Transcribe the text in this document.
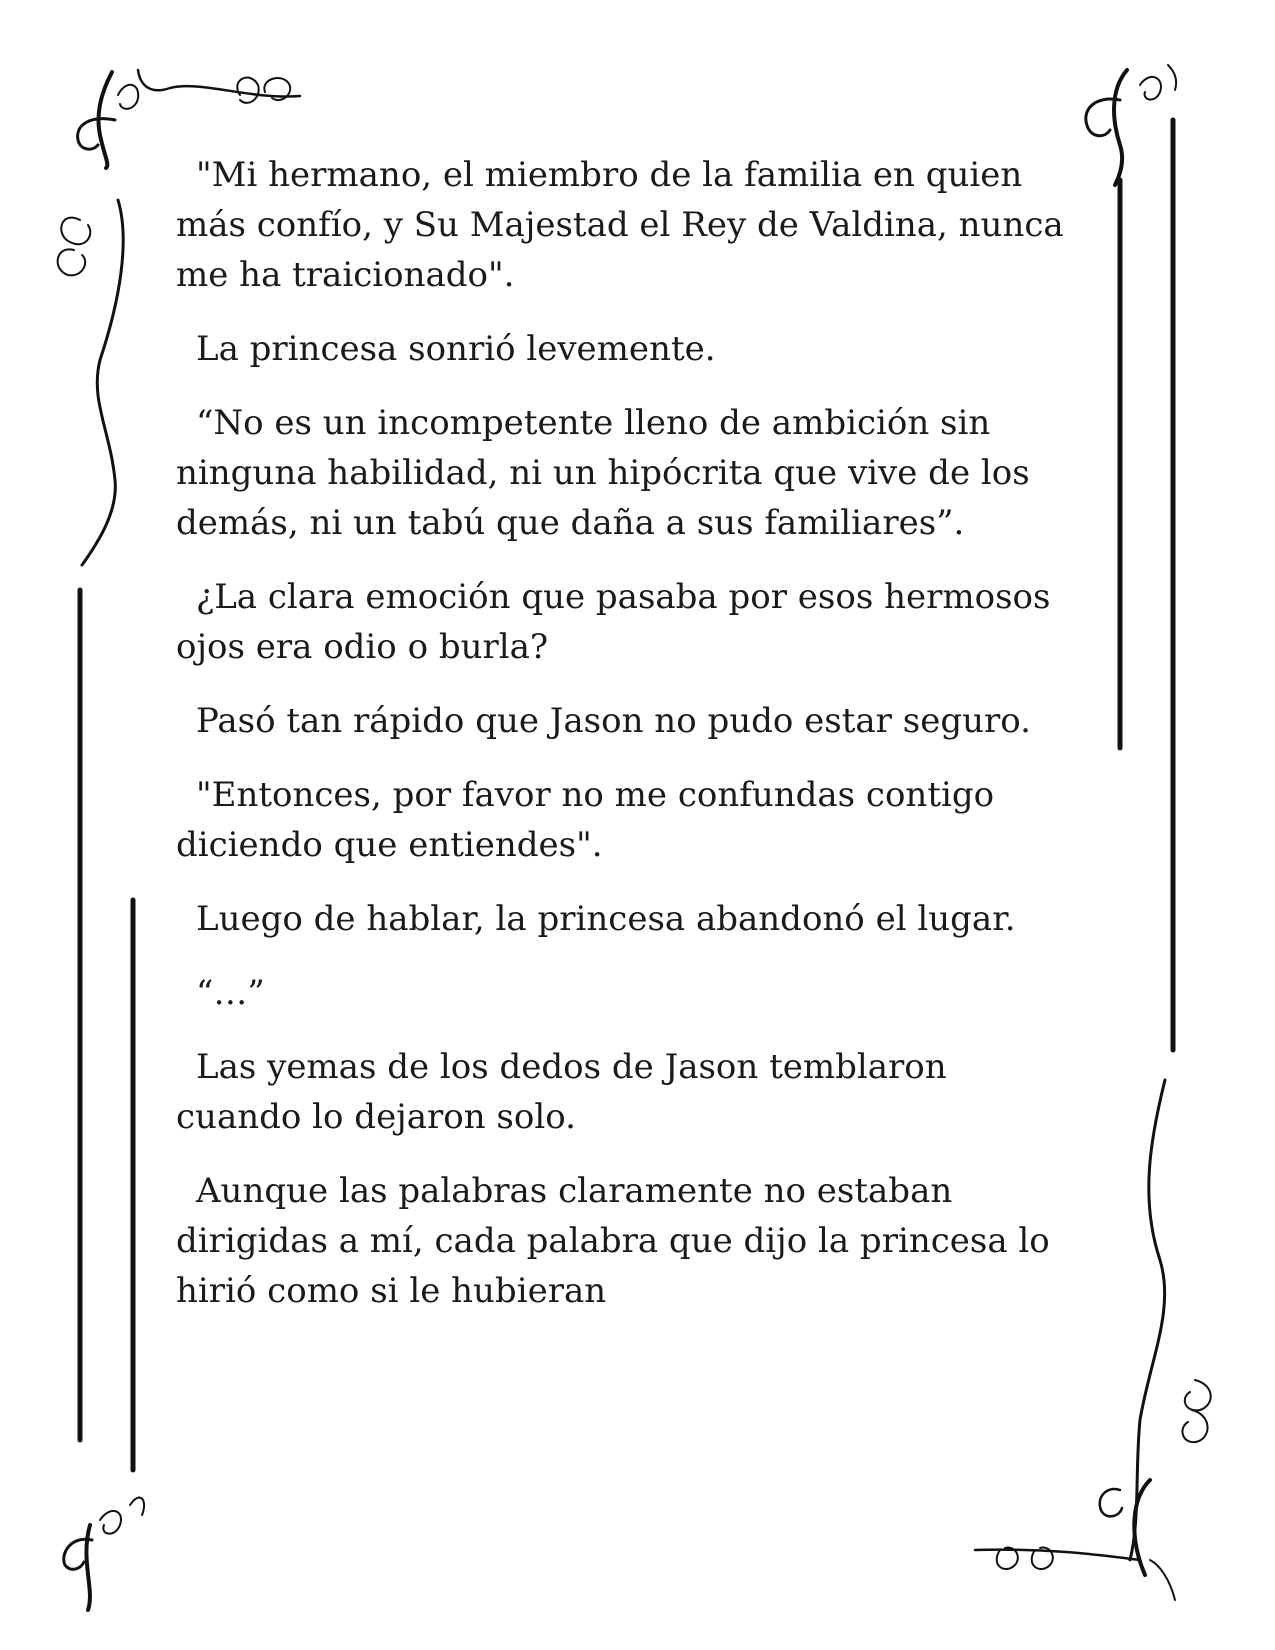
"Mi hermano, el miembro de la familia en quien más confío, y Su Majestad el Rey de Valdina, nunca me ha traicionado".

La princesa sonrió levemente.

“No es un incompetente lleno de ambición sin ninguna habilidad, ni un hipócrita que vive de los demás, ni un tabú que daña a sus familiares”.

¿La clara emoción que pasaba por esos hermosos ojos era odio o burla?

Pasó tan rápido que Jason no pudo estar seguro.

"Entonces, por favor no me confundas contigo diciendo que entiendes".

Luego de hablar, la princesa abandonó el lugar.

“…”

Las yemas de los dedos de Jason temblaron cuando lo dejaron solo.

Aunque las palabras claramente no estaban dirigidas a mí, cada palabra que dijo la princesa lo hirió como si le hubieran
